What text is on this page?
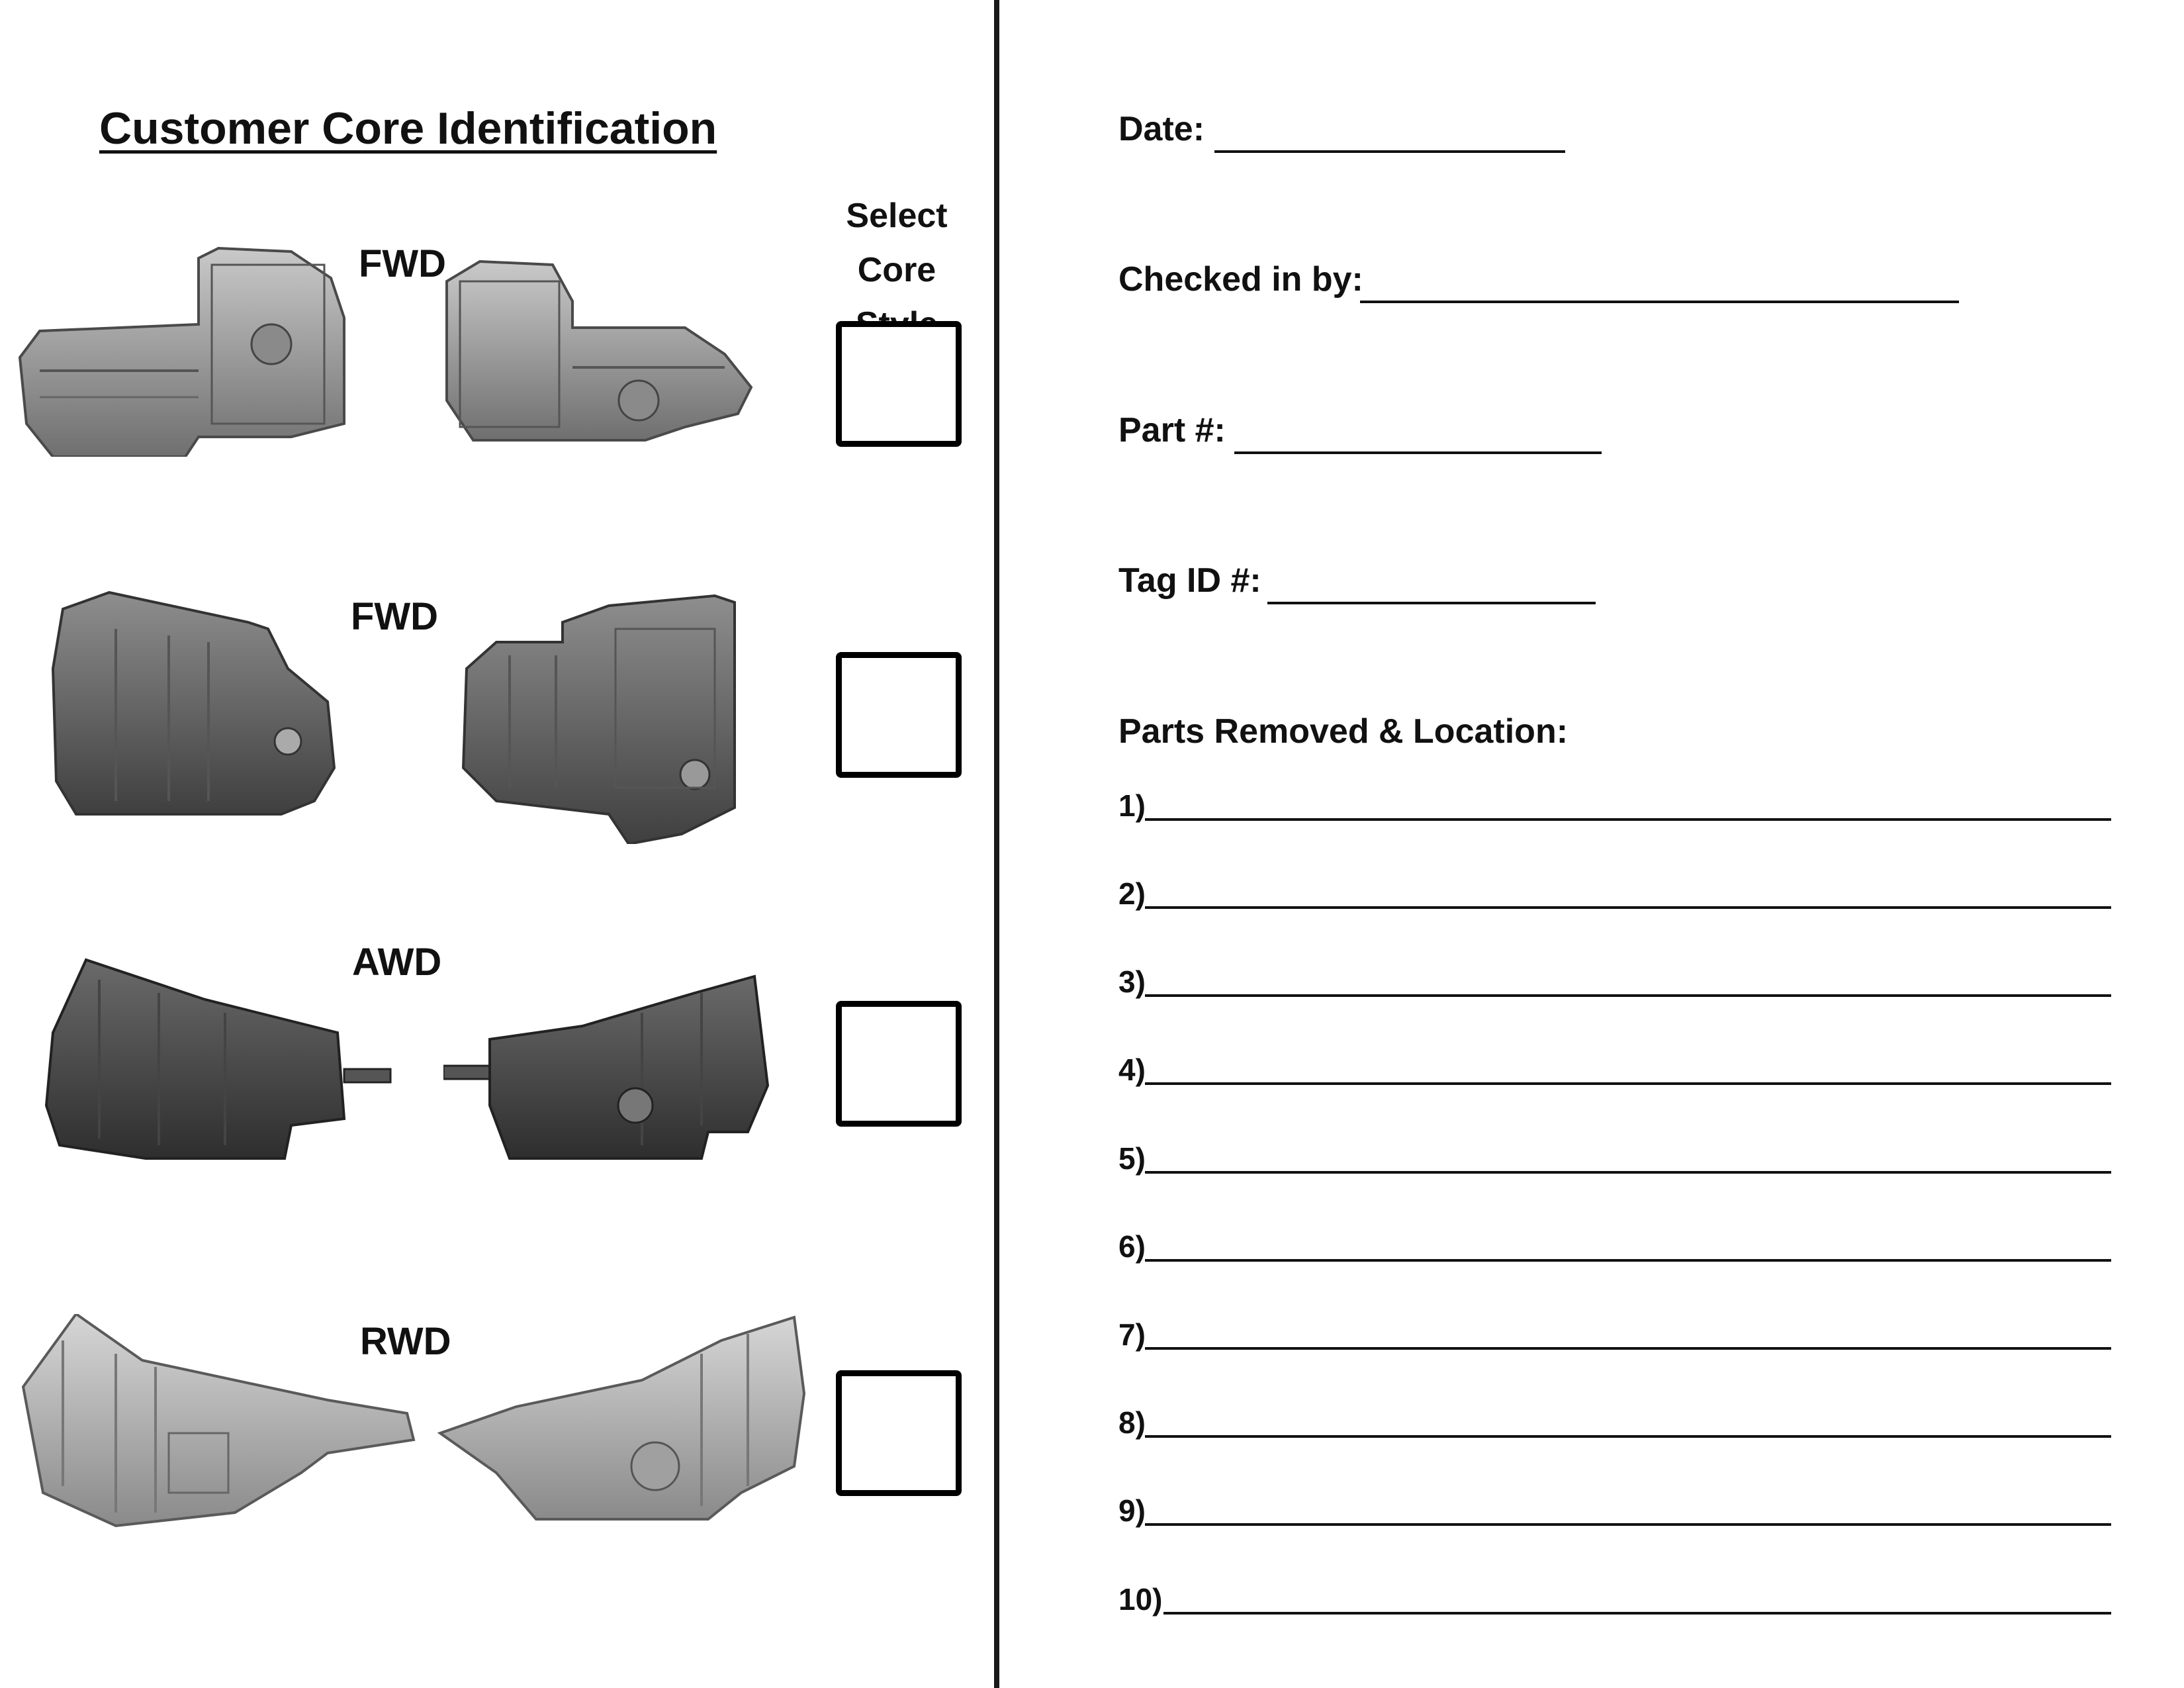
Customer Core Identification
Select Core
FWD
FWD
AWD
RWD
Date:
Checked in by:
Part #:
Tag ID #:
Parts Removed & Location:
1)
2)
3)
4)
5)
6)
7)
8)
9)
10)
